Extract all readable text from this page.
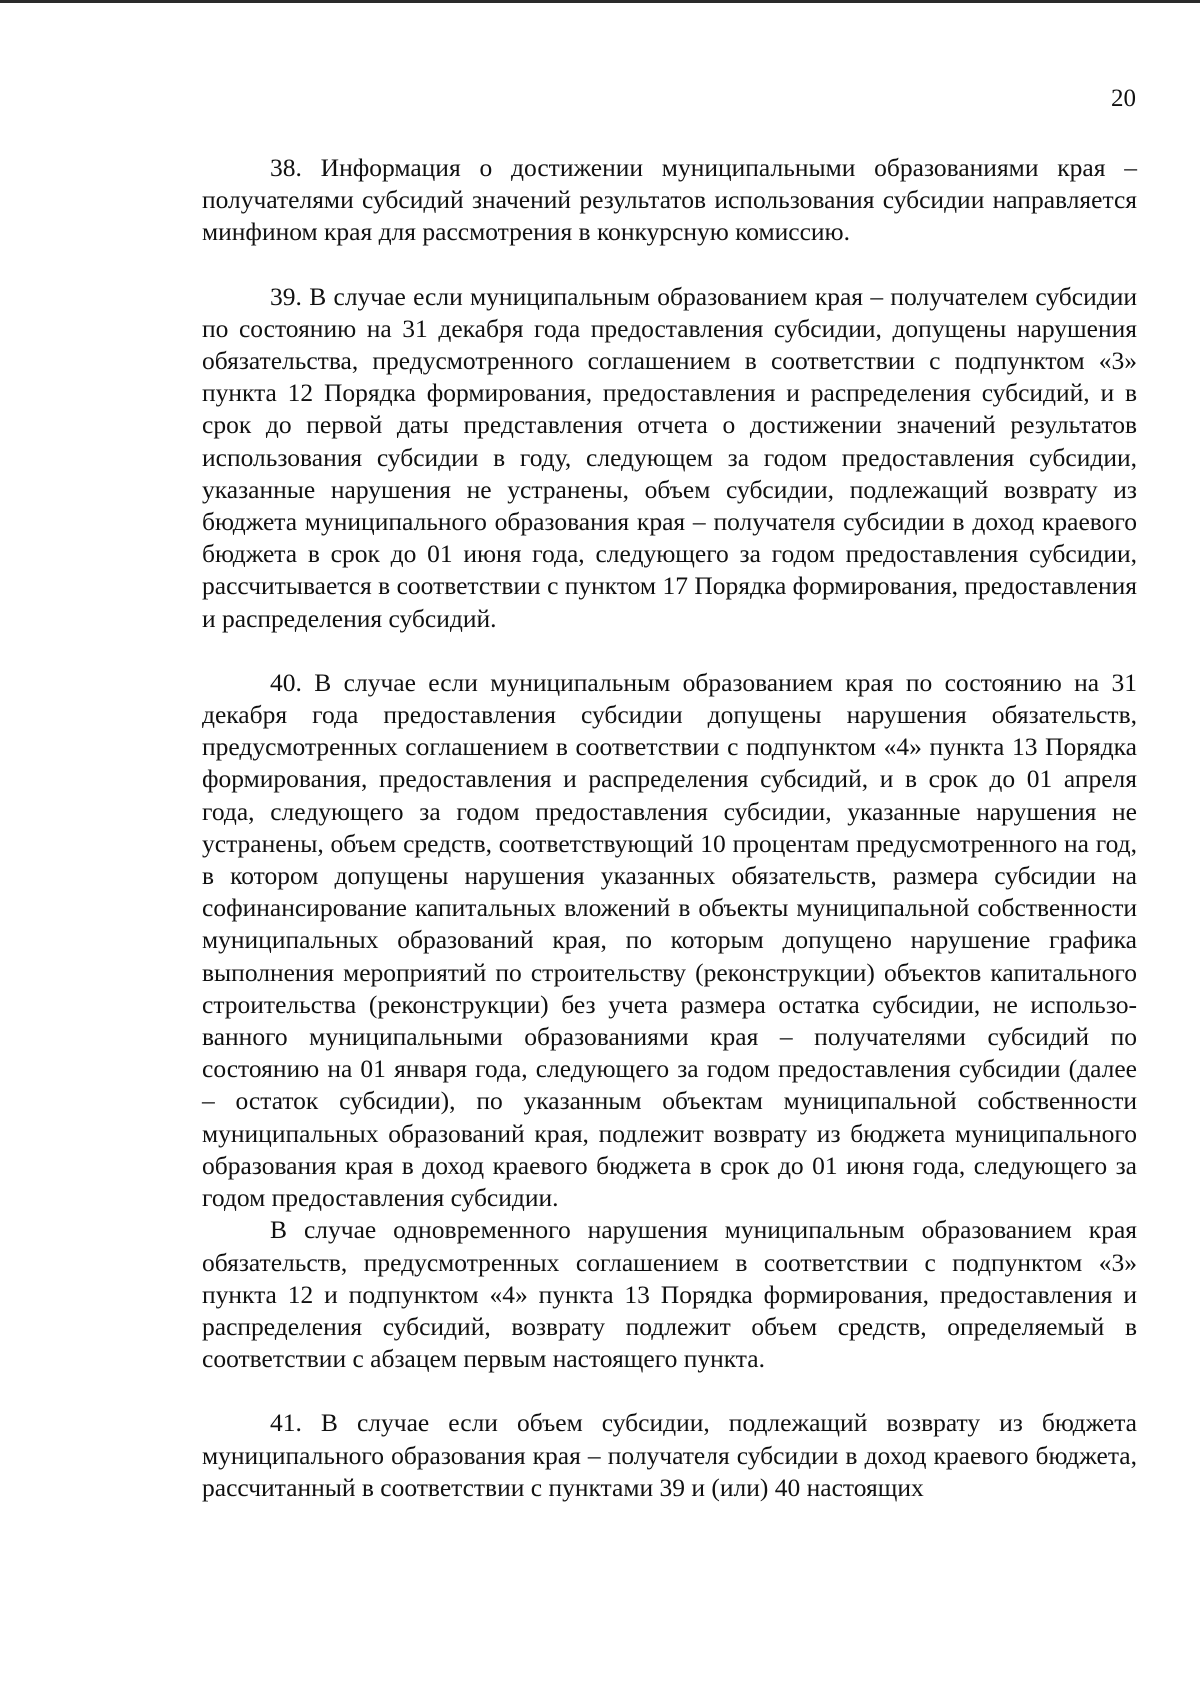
20

38. Информация о достижении муниципальными образованиями края – получателями субсидий значений результатов использования субсидии направляется минфином края для рассмотрения в конкурсную комиссию.

39. В случае если муниципальным образованием края – получателем субсидии по состоянию на 31 декабря года предоставления субсидии, допущены нарушения обязательства, предусмотренного соглашением в соответствии с подпунктом «3» пункта 12 Порядка формирования, предоставления и распределения субсидий, и в срок до первой даты представления отчета о достижении значений результатов использования субсидии в году, следующем за годом предоставления субсидии, указанные нарушения не устранены, объем субсидии, подлежащий возврату из бюджета муниципального образования края – получателя субсидии в доход краевого бюджета в срок до 01 июня года, следующего за годом предоставления субсидии, рассчитывается в соответствии с пунктом 17 Порядка формирования, предоставления и распределения субсидий.

40. В случае если муниципальным образованием края по состоянию на 31 декабря года предоставления субсидии допущены нарушения обязательств, предусмотренных соглашением в соответствии с подпунктом «4» пункта 13 Порядка формирования, предоставления и распределения субсидий, и в срок до 01 апреля года, следующего за годом предоставления субсидии, указанные нарушения не устранены, объем средств, соответствующий 10 процентам предусмотренного на год, в котором допущены нарушения указанных обязательств, размера субсидии на софинансирование капитальных вложений в объекты муниципальной собственности муниципальных образований края, по которым допущено нарушение графика выполнения мероприятий по строительству (реконструкции) объектов капитального строительства (реконструкции) без учета размера остатка субсидии, не использованного муниципальными образованиями края – получателями субсидий по состоянию на 01 января года, следующего за годом предоставления субсидии (далее – остаток субсидии), по указанным объектам муниципальной собственности муниципальных образований края, подлежит возврату из бюджета муниципального образования края в доход краевого бюджета в срок до 01 июня года, следующего за годом предоставления субсидии.

В случае одновременного нарушения муниципальным образованием края обязательств, предусмотренных соглашением в соответствии с подпунктом «3» пункта 12 и подпунктом «4» пункта 13 Порядка формирования, предоставления и распределения субсидий, возврату подлежит объем средств, определяемый в соответствии с абзацем первым настоящего пункта.

41. В случае если объем субсидии, подлежащий возврату из бюджета муниципального образования края – получателя субсидии в доход краевого бюджета, рассчитанный в соответствии с пунктами 39 и (или) 40 настоящих
